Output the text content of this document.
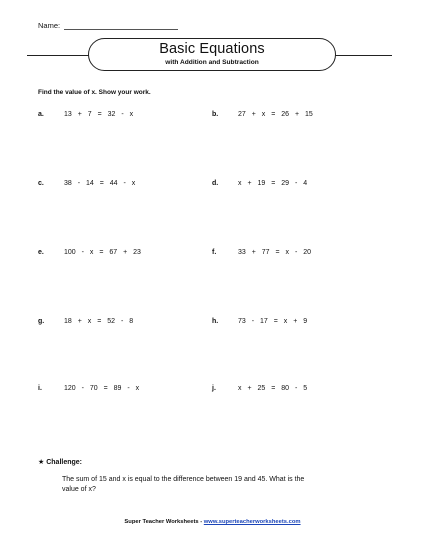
Name:
Basic Equations
with Addition and Subtraction
Find the value of x. Show your work.
a.	13 + 7 = 32 - x
c.	38 - 14 = 44 - x
e.	100 - x = 67 + 23
g.	18 + x = 52 - 8
i.	120 - 70 = 89 - x
b.	27 + x = 26 + 15
d.	x + 19 = 29 - 4
f.	33 + 77 = x - 20
h.	73 - 17 = x + 9
j.	x + 25 = 80 - 5
★ Challenge:
The sum of 15 and x is equal to the difference between 19 and 45. What is the value of x?
Super Teacher Worksheets - www.superteacherworksheets.com
